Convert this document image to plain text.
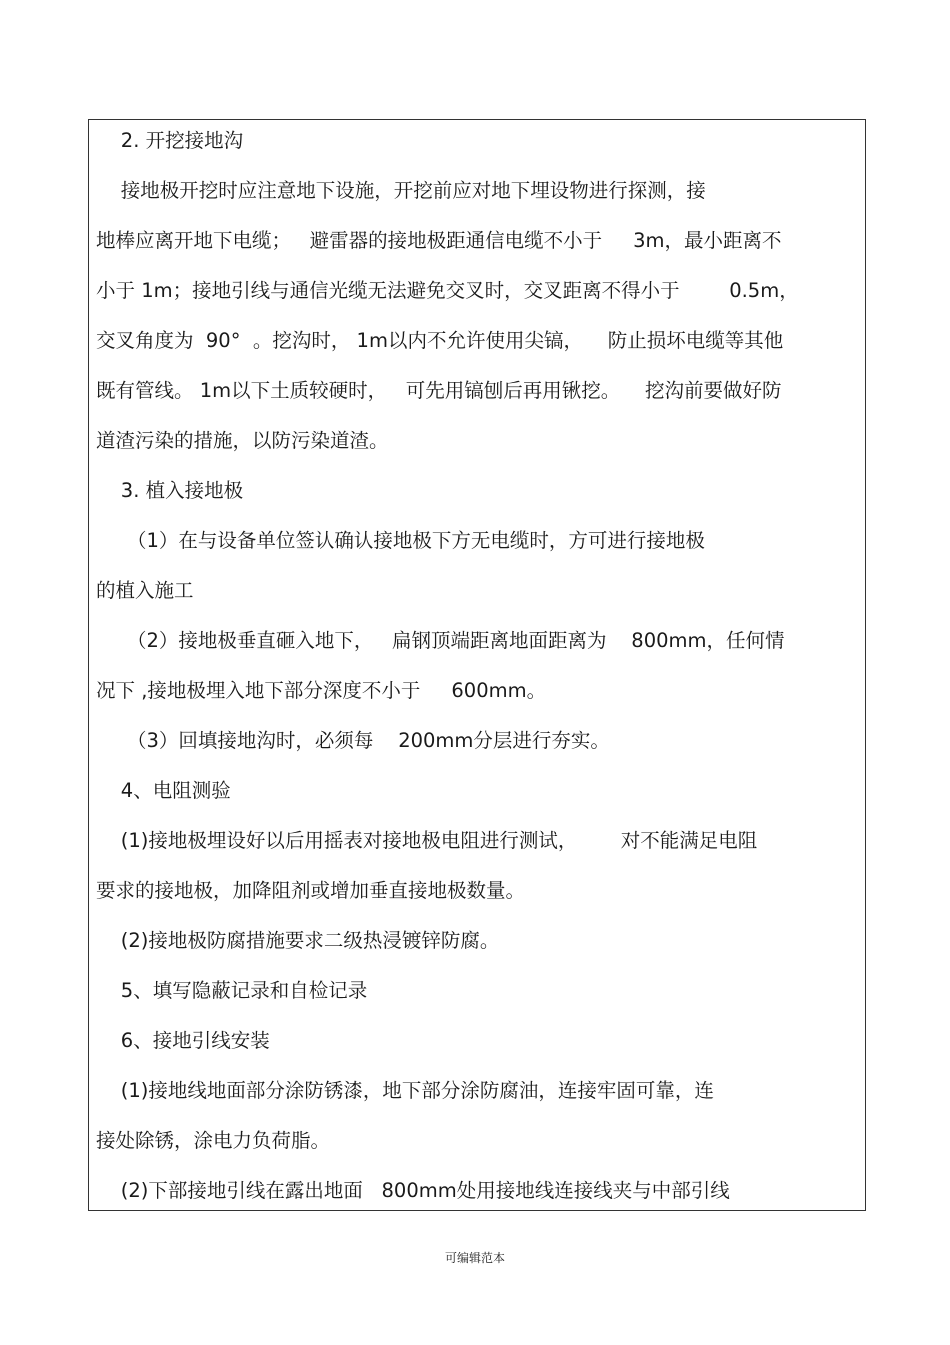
2. 开挖接地沟
接地极开挖时应注意地下设施，开挖前应对地下埋设物进行探测，接
地棒应离开地下电缆；   避雷器的接地极距通信电缆不小于     3m，最小距离不
小于 1m；接地引线与通信光缆无法避免交叉时，交叉距离不得小于        0.5m，
交叉角度为  90°  。挖沟时， 1m以内不允许使用尖镐，    防止损坏电缆等其他
既有管线。 1m以下土质较硬时，   可先用镐刨后再用锹挖。    挖沟前要做好防
道渣污染的措施，以防污染道渣。
3. 植入接地极
（1）在与设备单位签认确认接地极下方无电缆时，方可进行接地极
的植入施工
（2）接地极垂直砸入地下，   扁钢顶端距离地面距离为    800mm，任何情
况下 ,接地极埋入地下部分深度不小于     600mm。
（3）回填接地沟时，必须每    200mm分层进行夯实。
4、电阻测验
(1)接地极埋设好以后用摇表对接地极电阻进行测试，       对不能满足电阻
要求的接地极，加降阻剂或增加垂直接地极数量。
(2)接地极防腐措施要求二级热浸镀锌防腐。
5、填写隐蔽记录和自检记录
6、接地引线安装
(1)接地线地面部分涂防锈漆，地下部分涂防腐油，连接牢固可靠，连
接处除锈，涂电力负荷脂。
(2)下部接地引线在露出地面   800mm处用接地线连接线夹与中部引线
可编辑范本
